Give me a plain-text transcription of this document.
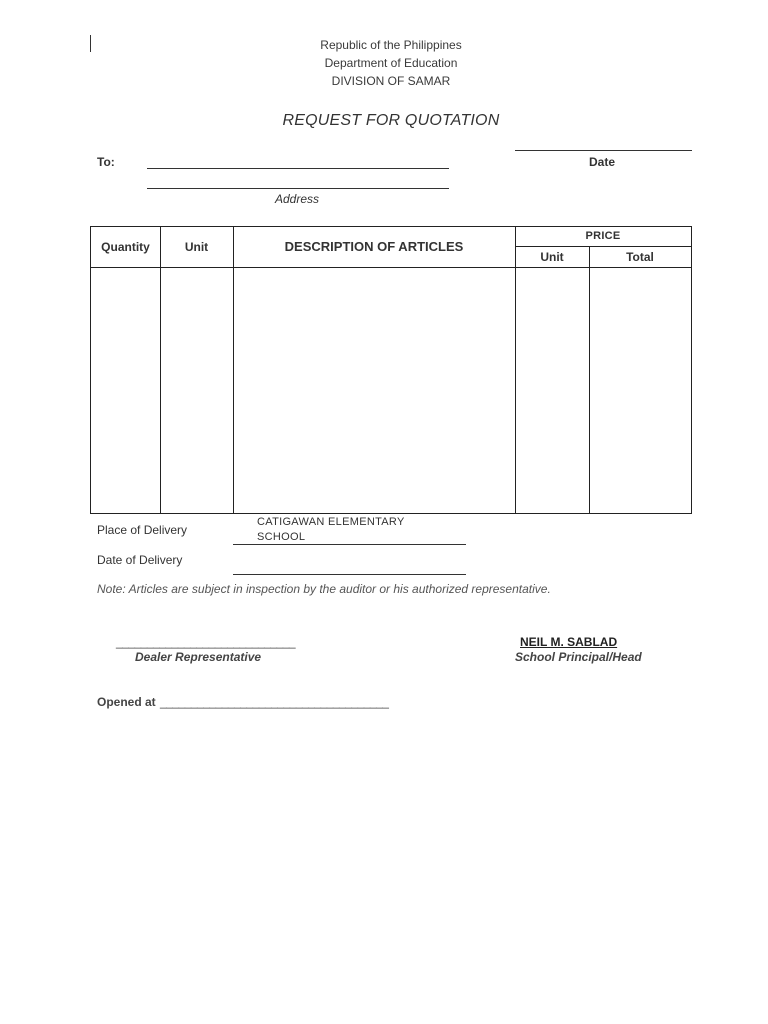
Republic of the Philippines
Department of Education
DIVISION OF SAMAR
REQUEST FOR QUOTATION
To:
Address
Date
Quantity	Unit	DESCRIPTION OF ARTICLES
PRICE
Unit	Total
Place of Delivery
CATIGAWAN ELEMENTARY
SCHOOL
Date of Delivery
Note: Articles are subject in inspection by the auditor or his authorized representative.
_____________________________
Dealer Representative
NEIL M. SABLAD
School Principal/Head
Opened at _____________________________________
